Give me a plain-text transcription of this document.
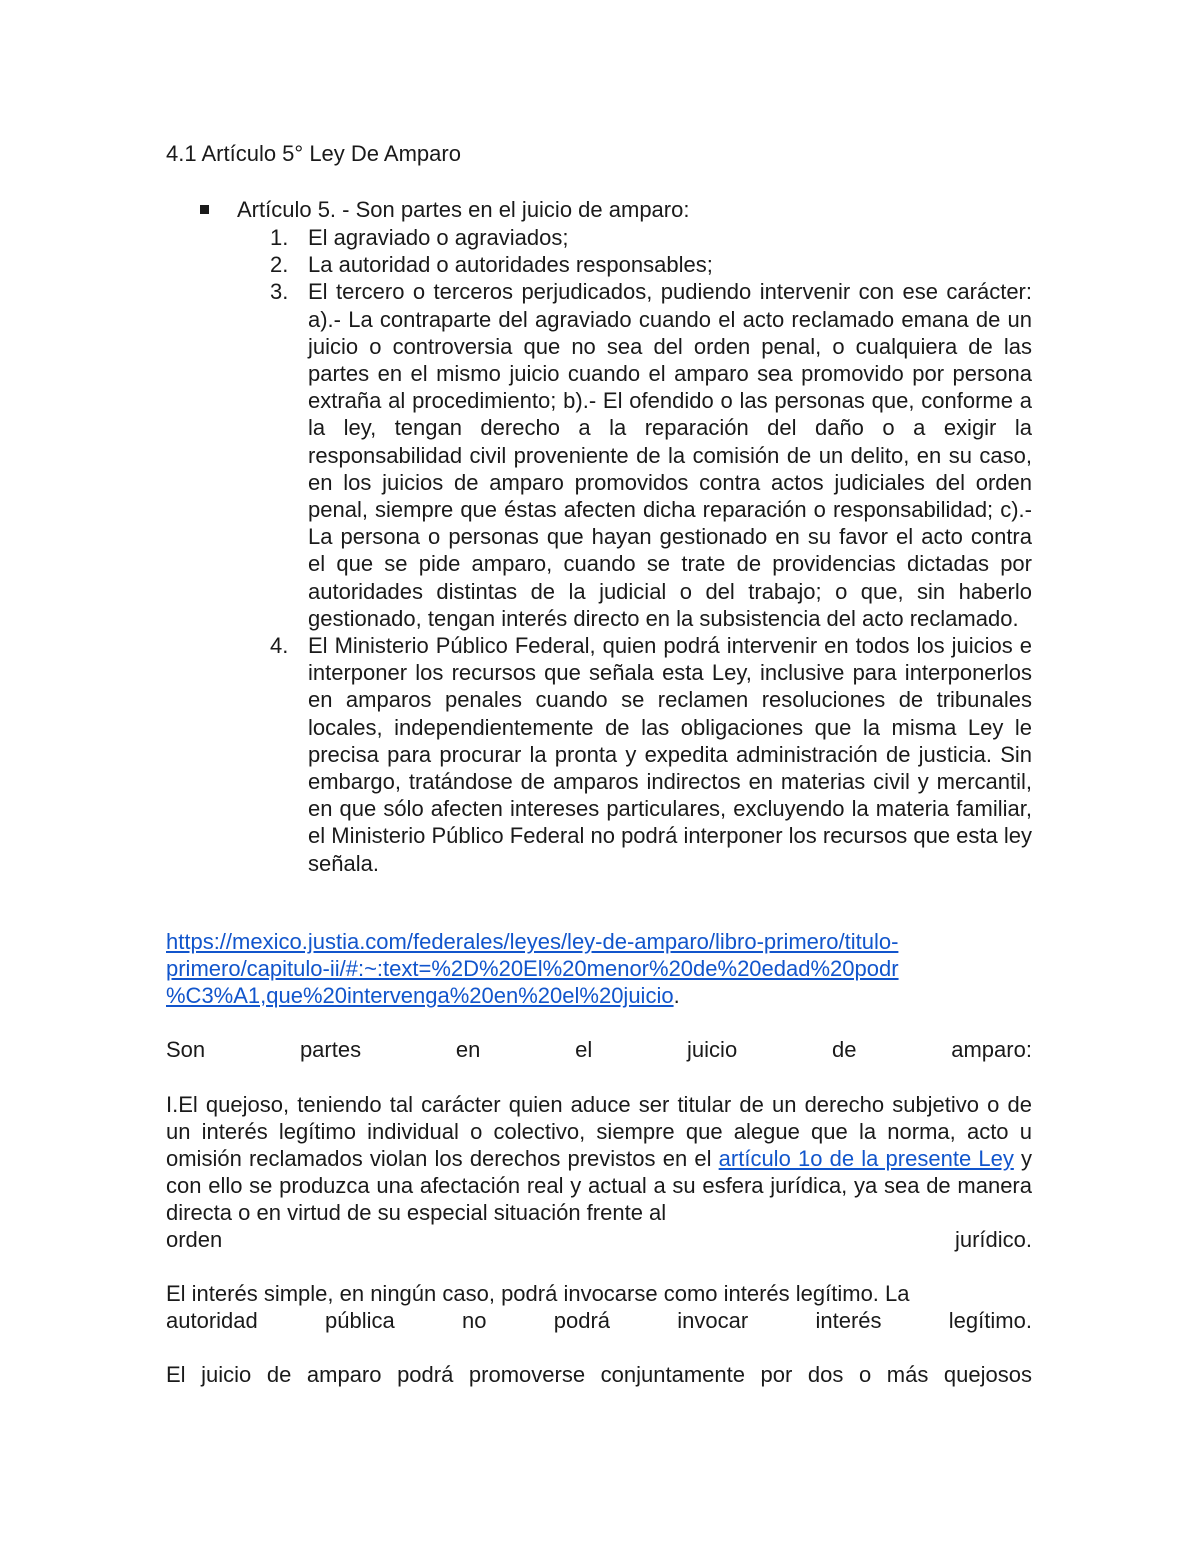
4.1 Artículo 5° Ley De Amparo
Artículo 5. - Son partes en el juicio de amparo:
1. El agraviado o agraviados;
2. La autoridad o autoridades responsables;
3. El tercero o terceros perjudicados, pudiendo intervenir con ese carácter: a).- La contraparte del agraviado cuando el acto reclamado emana de un juicio o controversia que no sea del orden penal, o cualquiera de las partes en el mismo juicio cuando el amparo sea promovido por persona extraña al procedimiento; b).- El ofendido o las personas que, conforme a la ley, tengan derecho a la reparación del daño o a exigir la responsabilidad civil proveniente de la comisión de un delito, en su caso, en los juicios de amparo promovidos contra actos judiciales del orden penal, siempre que éstas afecten dicha reparación o responsabilidad; c).- La persona o personas que hayan gestionado en su favor el acto contra el que se pide amparo, cuando se trate de providencias dictadas por autoridades distintas de la judicial o del trabajo; o que, sin haberlo gestionado, tengan interés directo en la subsistencia del acto reclamado.
4. El Ministerio Público Federal, quien podrá intervenir en todos los juicios e interponer los recursos que señala esta Ley, inclusive para interponerlos en amparos penales cuando se reclamen resoluciones de tribunales locales, independientemente de las obligaciones que la misma Ley le precisa para procurar la pronta y expedita administración de justicia. Sin embargo, tratándose de amparos indirectos en materias civil y mercantil, en que sólo afecten intereses particulares, excluyendo la materia familiar, el Ministerio Público Federal no podrá interponer los recursos que esta ley señala.
https://mexico.justia.com/federales/leyes/ley-de-amparo/libro-primero/titulo-
primero/capitulo-ii/#:~:text=%2D%20El%20menor%20de%20edad%20podr
%C3%A1,que%20intervenga%20en%20el%20juicio.
Son	partes	en	el	juicio	de	amparo:
I.El quejoso, teniendo tal carácter quien aduce ser titular de un derecho subjetivo o de un interés legítimo individual o colectivo, siempre que alegue que la norma, acto u omisión reclamados violan los derechos previstos en el artículo 1o de la presente Ley y con ello se produzca una afectación real y actual a su esfera jurídica, ya sea de manera directa o en virtud de su especial situación frente al
orden	jurídico.
El interés simple, en ningún caso, podrá invocarse como interés legítimo. La
autoridad	pública	no	podrá	invocar	interés	legítimo.
El juicio de amparo podrá promoverse conjuntamente por dos o más quejosos
